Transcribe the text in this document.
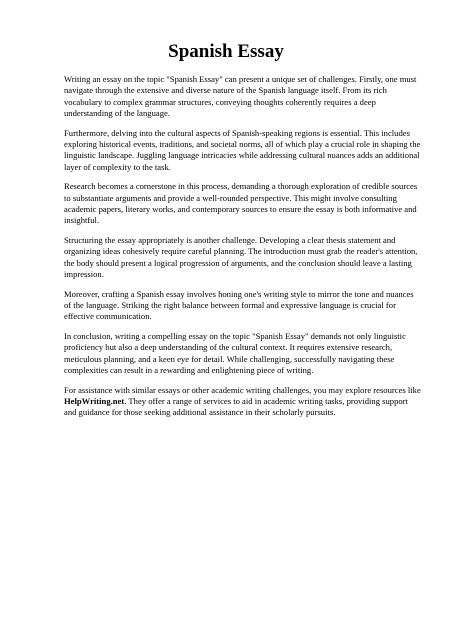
Spanish Essay

Writing an essay on the topic "Spanish Essay" can present a unique set of challenges. Firstly, one must navigate through the extensive and diverse nature of the Spanish language itself. From its rich vocabulary to complex grammar structures, conveying thoughts coherently requires a deep understanding of the language.

Furthermore, delving into the cultural aspects of Spanish-speaking regions is essential. This includes exploring historical events, traditions, and societal norms, all of which play a crucial role in shaping the linguistic landscape. Juggling language intricacies while addressing cultural nuances adds an additional layer of complexity to the task.

Research becomes a cornerstone in this process, demanding a thorough exploration of credible sources to substantiate arguments and provide a well-rounded perspective. This might involve consulting academic papers, literary works, and contemporary sources to ensure the essay is both informative and insightful.

Structuring the essay appropriately is another challenge. Developing a clear thesis statement and organizing ideas cohesively require careful planning. The introduction must grab the reader's attention, the body should present a logical progression of arguments, and the conclusion should leave a lasting impression.

Moreover, crafting a Spanish essay involves honing one's writing style to mirror the tone and nuances of the language. Striking the right balance between formal and expressive language is crucial for effective communication.

In conclusion, writing a compelling essay on the topic "Spanish Essay" demands not only linguistic proficiency but also a deep understanding of the cultural context. It requires extensive research, meticulous planning, and a keen eye for detail. While challenging, successfully navigating these complexities can result in a rewarding and enlightening piece of writing.

For assistance with similar essays or other academic writing challenges, you may explore resources like HelpWriting.net. They offer a range of services to aid in academic writing tasks, providing support and guidance for those seeking additional assistance in their scholarly pursuits.
